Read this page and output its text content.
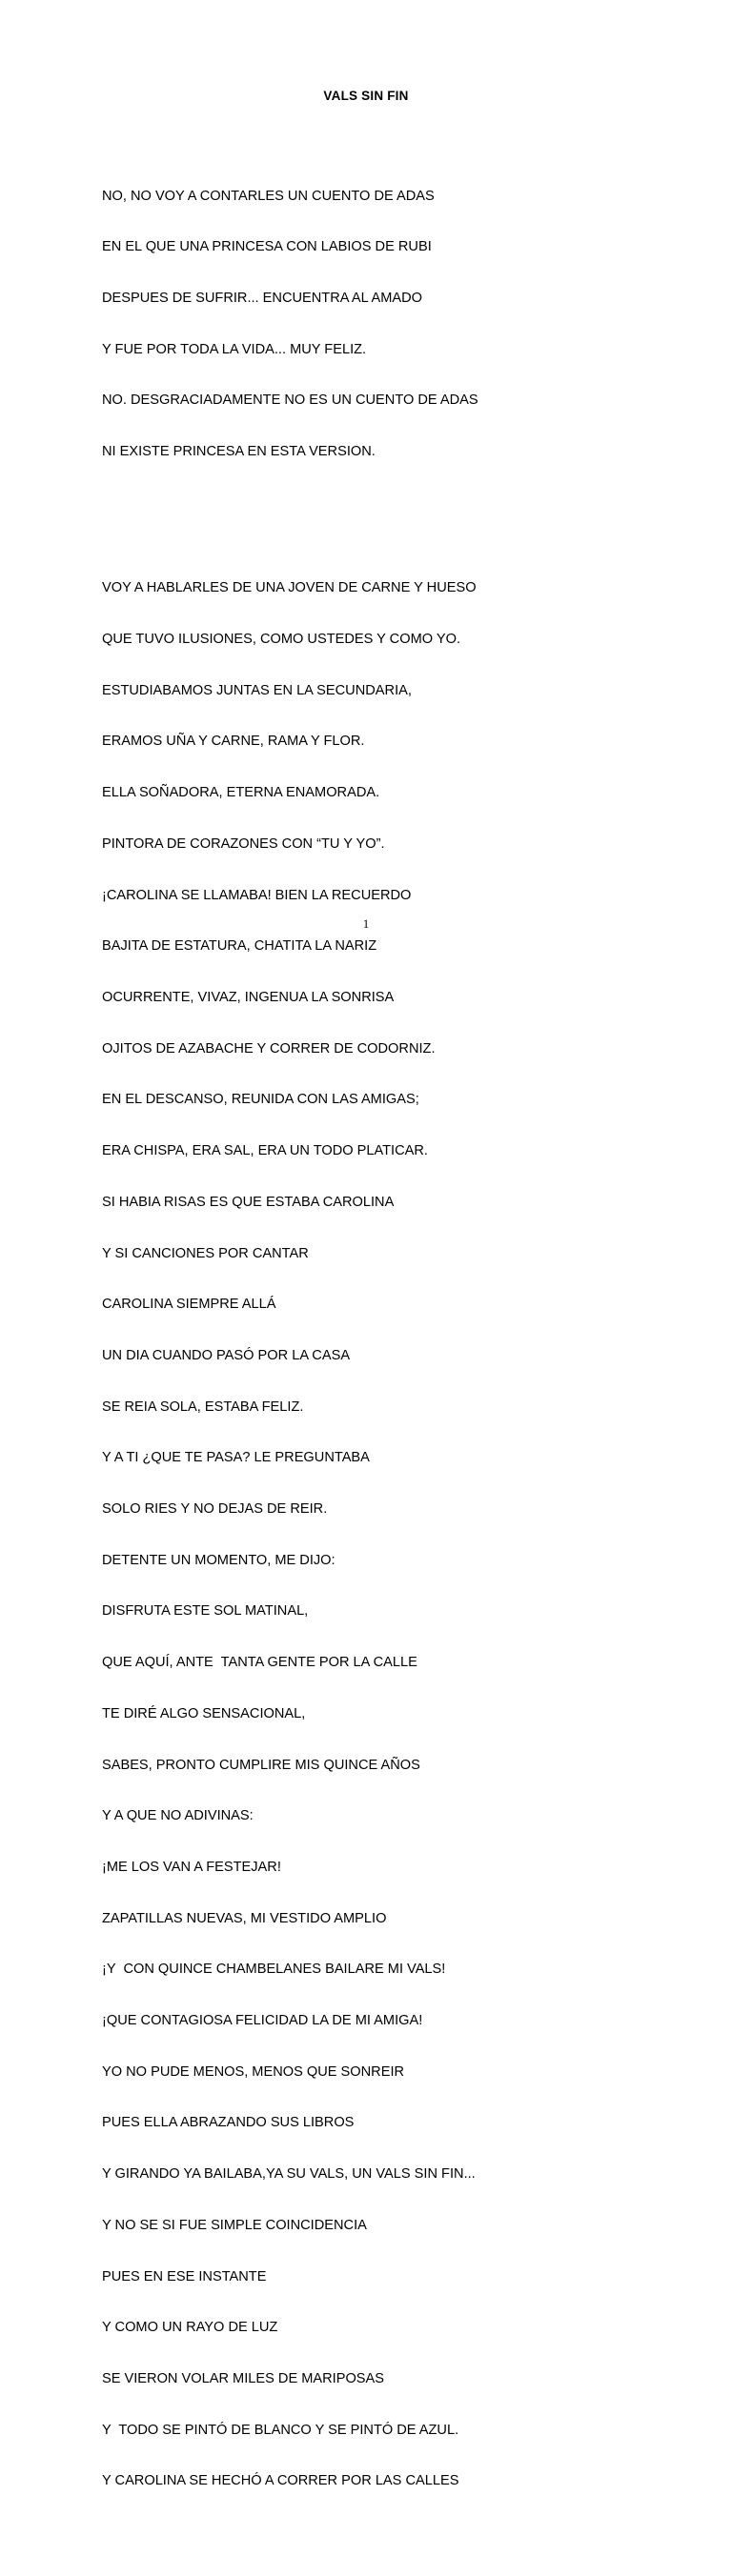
VALS SIN FIN

NO, NO VOY A CONTARLES UN CUENTO DE ADAS

EN EL QUE UNA PRINCESA CON LABIOS DE RUBI

DESPUES DE SUFRIR... ENCUENTRA AL AMADO

Y FUE POR TODA LA VIDA... MUY FELIZ.

NO. DESGRACIADAMENTE NO ES UN CUENTO DE ADAS

NI EXISTE PRINCESA EN ESTA VERSION.

VOY A HABLARLES DE UNA JOVEN DE CARNE Y HUESO

QUE TUVO ILUSIONES, COMO USTEDES Y COMO YO.

ESTUDIABAMOS JUNTAS EN LA SECUNDARIA,

ERAMOS UÑA Y CARNE, RAMA Y FLOR.

ELLA SOÑADORA, ETERNA ENAMORADA.

PINTORA DE CORAZONES CON “TU Y YO”.

¡CAROLINA SE LLAMABA! BIEN LA RECUERDO

BAJITA DE ESTATURA, CHATITA LA NARIZ

OCURRENTE, VIVAZ, INGENUA LA SONRISA

OJITOS DE AZABACHE Y CORRER DE CODORNIZ.

EN EL DESCANSO, REUNIDA CON LAS AMIGAS;

ERA CHISPA, ERA SAL, ERA UN TODO PLATICAR.

SI HABIA RISAS ES QUE ESTABA CAROLINA

Y SI CANCIONES POR CANTAR

CAROLINA SIEMPRE ALLÁ

UN DIA CUANDO PASÓ POR LA CASA

SE REIA SOLA, ESTABA FELIZ.

Y A TI ¿QUE TE PASA? LE PREGUNTABA

SOLO RIES Y NO DEJAS DE REIR.

DETENTE UN MOMENTO, ME DIJO:

DISFRUTA ESTE SOL MATINAL,

QUE AQUÍ, ANTE  TANTA GENTE POR LA CALLE

TE DIRÉ ALGO SENSACIONAL,

SABES, PRONTO CUMPLIRE MIS QUINCE AÑOS

Y A QUE NO ADIVINAS:

¡ME LOS VAN A FESTEJAR!

ZAPATILLAS NUEVAS, MI VESTIDO AMPLIO

¡Y  CON QUINCE CHAMBELANES BAILARE MI VALS!

¡QUE CONTAGIOSA FELICIDAD LA DE MI AMIGA!

YO NO PUDE MENOS, MENOS QUE SONREIR

PUES ELLA ABRAZANDO SUS LIBROS

Y GIRANDO YA BAILABA,YA SU VALS, UN VALS SIN FIN...

Y NO SE SI FUE SIMPLE COINCIDENCIA

PUES EN ESE INSTANTE

Y COMO UN RAYO DE LUZ

SE VIERON VOLAR MILES DE MARIPOSAS

Y  TODO SE PINTÓ DE BLANCO Y SE PINTÓ DE AZUL.

Y CAROLINA SE HECHÓ A CORRER POR LAS CALLES

1
